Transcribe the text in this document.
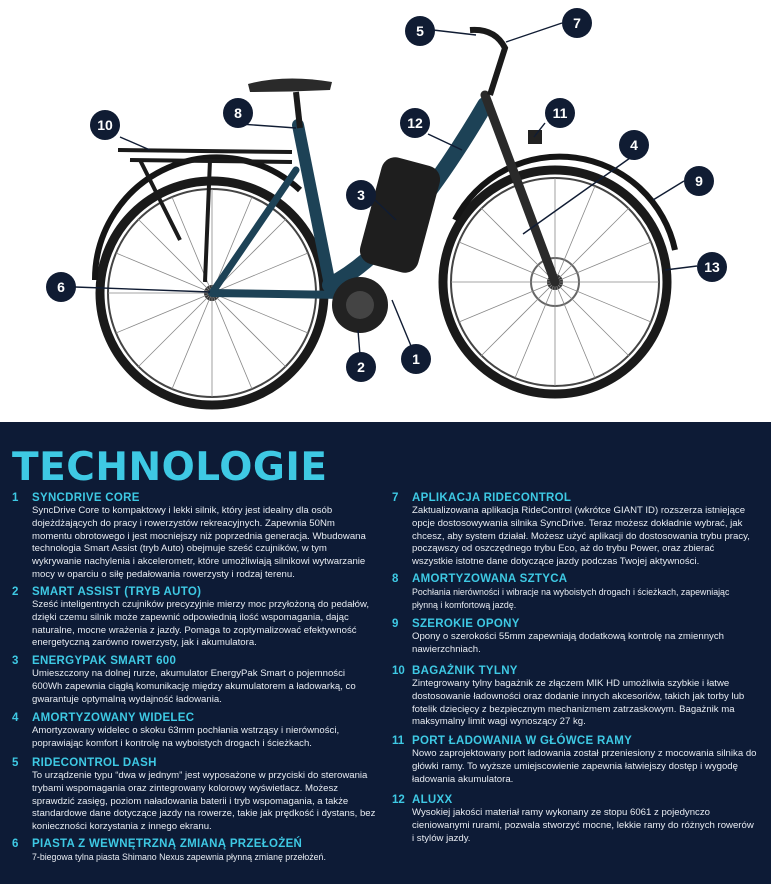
1
2
3
4
5
6
7
8
9
10
11
12
13
TECHNOLOGIE
1 SYNCDRIVE CORE
SyncDrive Core to kompaktowy i lekki silnik, który jest idealny dla osób dojeżdżających do pracy i rowerzystów rekreacyjnych. Zapewnia 50Nm momentu obrotowego i jest mocniejszy niż poprzednia generacja. Wbudowana technologia Smart Assist (tryb Auto) obejmuje sześć czujników, w tym wykrywanie nachylenia i akcelerometr, które umożliwiają silnikowi wytwarzanie mocy w oparciu o siłę pedałowania rowerzysty i rodzaj terenu.
2 SMART ASSIST (TRYB AUTO)
Sześć inteligentnych czujników precyzyjnie mierzy moc przyłożoną do pedałów, dzięki czemu silnik może zapewnić odpowiednią ilość wspomagania, dając naturalne, mocne wrażenia z jazdy. Pomaga to zoptymalizować efektywność energetyczną zarówno rowerzysty, jak i akumulatora.
3 ENERGYPAK SMART 600
Umieszczony na dolnej rurze, akumulator EnergyPak Smart o pojemności 600Wh zapewnia ciągłą komunikację między akumulatorem a ładowarką, co gwarantuje optymalną wydajność ładowania.
4 AMORTYZOWANY WIDELEC
Amortyzowany widelec o skoku 63mm pochłania wstrząsy i nierówności, poprawiając komfort i kontrolę na wyboistych drogach i ścieżkach.
5 RIDECONTROL DASH
To urządzenie typu “dwa w jednym” jest wyposażone w przyciski do sterowania trybami wspomagania oraz zintegrowany kolorowy wyświetlacz. Możesz sprawdzić zasięg, poziom naładowania baterii i tryb wspomagania, a także standardowe dane dotyczące jazdy na rowerze, takie jak prędkość i dystans, bez konieczności korzystania z innego ekranu.
6 PIASTA Z WEWNĘTRZNĄ ZMIANĄ PRZEŁOŻEŃ
7-biegowa tylna piasta Shimano Nexus zapewnia płynną zmianę przełożeń.
7 APLIKACJA RIDECONTROL
Zaktualizowana aplikacja RideControl (wkrótce GIANT ID) rozszerza istniejące opcje dostosowywania silnika SyncDrive. Teraz możesz dokładnie wybrać, jak chcesz, aby system działał. Możesz użyć aplikacji do dostosowania trybu pracy, począwszy od oszczędnego trybu Eco, aż do trybu Power, oraz zbierać wszystkie istotne dane dotyczące jazdy podczas Twojej aktywności.
8 AMORTYZOWANA SZTYCA
Pochłania nierówności i wibracje na wyboistych drogach i ścieżkach, zapewniając płynną i komfortową jazdę.
9 SZEROKIE OPONY
Opony o szerokości 55mm zapewniają dodatkową kontrolę na zmiennych nawierzchniach.
10 BAGAŻNIK TYLNY
Zintegrowany tylny bagażnik ze złączem MIK HD umożliwia szybkie i łatwe dostosowanie ładowności oraz dodanie innych akcesoriów, takich jak torby lub fotelik dziecięcy z bezpiecznym mechanizmem zatrzaskowym. Bagażnik ma maksymalny limit wagi wynoszący 27 kg.
11 PORT ŁADOWANIA W GŁÓWCE RAMY
Nowo zaprojektowany port ładowania został przeniesiony z mocowania silnika do główki ramy. To wyższe umiejscowienie zapewnia łatwiejszy dostęp i wygodę ładowania akumulatora.
12 ALUXX
Wysokiej jakości materiał ramy wykonany ze stopu 6061 z pojedynczo cieniowanymi rurami, pozwala stworzyć mocne, lekkie ramy do różnych rowerów i stylów jazdy.
